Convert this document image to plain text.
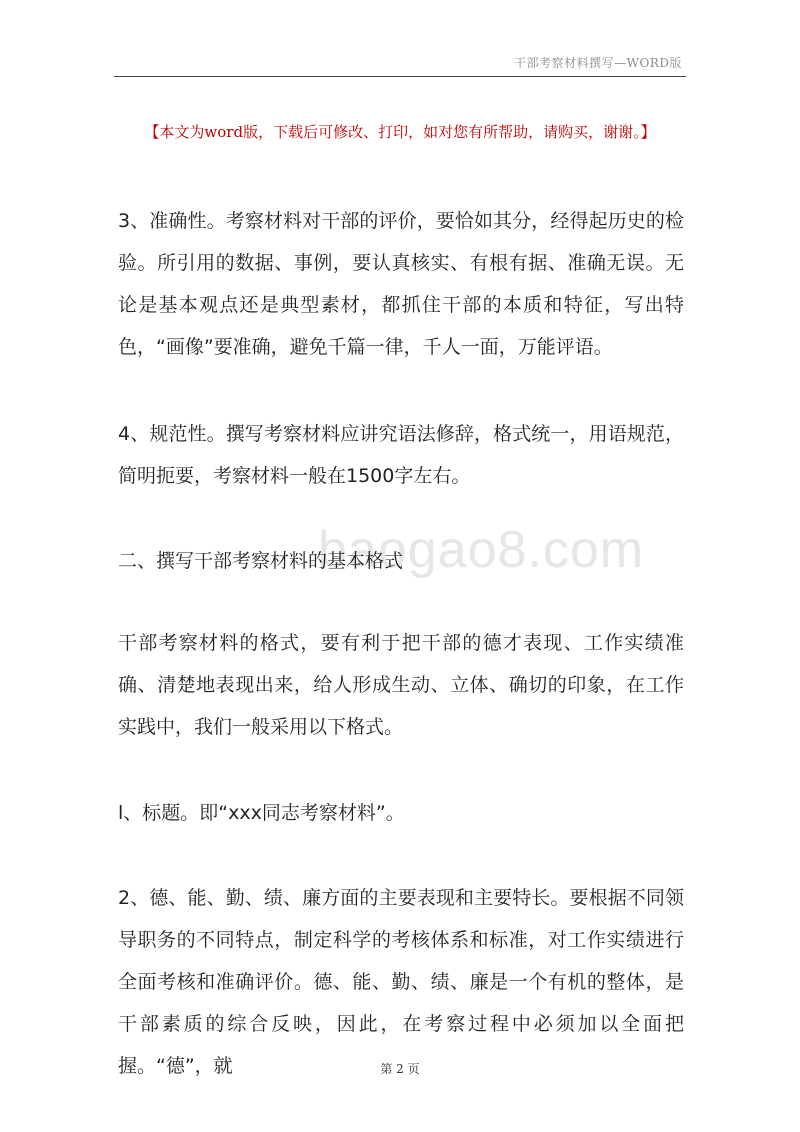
干部考察材料撰写—WORD版
【本文为word版，下载后可修改、打印，如对您有所帮助，请购买，谢谢。】
baogao8.com

3、准确性。考察材料对干部的评价，要恰如其分，经得起历史的检验。所引用的数据、事例，要认真核实、有根有据、准确无误。无论是基本观点还是典型素材，都抓住干部的本质和特征，写出特色，“画像”要准确，避免千篇一律，千人一面，万能评语。

4、规范性。撰写考察材料应讲究语法修辞，格式统一，用语规范，简明扼要，考察材料一般在1500字左右。

二、撰写干部考察材料的基本格式

干部考察材料的格式，要有利于把干部的德才表现、工作实绩准确、清楚地表现出来，给人形成生动、立体、确切的印象，在工作实践中，我们一般采用以下格式。

l、标题。即“xxx同志考察材料”。

2、德、能、勤、绩、廉方面的主要表现和主要特长。要根据不同领导职务的不同特点，制定科学的考核体系和标准，对工作实绩进行全面考核和准确评价。德、能、勤、绩、廉是一个有机的整体，是干部素质的综合反映，因此，在考察过程中必须加以全面把握。“德”，就	第 2 页
